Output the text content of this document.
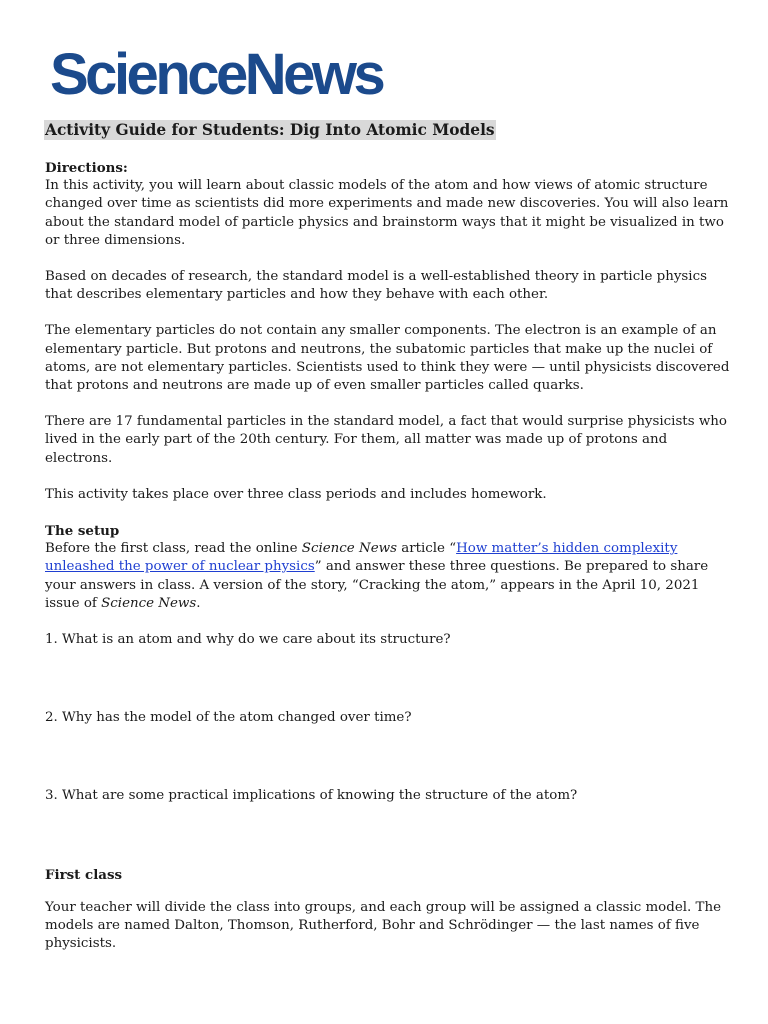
ScienceNews
Activity Guide for Students: Dig Into Atomic Models
Directions:

In this activity, you will learn about classic models of the atom and how views of atomic structure changed over time as scientists did more experiments and made new discoveries. You will also learn about the standard model of particle physics and brainstorm ways that it might be visualized in two or three dimensions.

Based on decades of research, the standard model is a well-established theory in particle physics that describes elementary particles and how they behave with each other.

The elementary particles do not contain any smaller components. The electron is an example of an elementary particle. But protons and neutrons, the subatomic particles that make up the nuclei of atoms, are not elementary particles. Scientists used to think they were — until physicists discovered that protons and neutrons are made up of even smaller particles called quarks.

There are 17 fundamental particles in the standard model, a fact that would surprise physicists who lived in the early part of the 20th century. For them, all matter was made up of protons and electrons.

This activity takes place over three class periods and includes homework.

The setup

Before the first class, read the online Science News article “How matter’s hidden complexity unleashed the power of nuclear physics” and answer these three questions. Be prepared to share your answers in class. A version of the story, “Cracking the atom,” appears in the April 10, 2021 issue of Science News.

1. What is an atom and why do we care about its structure?

2. Why has the model of the atom changed over time?

3. What are some practical implications of knowing the structure of the atom?

First class

Your teacher will divide the class into groups, and each group will be assigned a classic model. The models are named Dalton, Thomson, Rutherford, Bohr and Schrödinger — the last names of five physicists.
